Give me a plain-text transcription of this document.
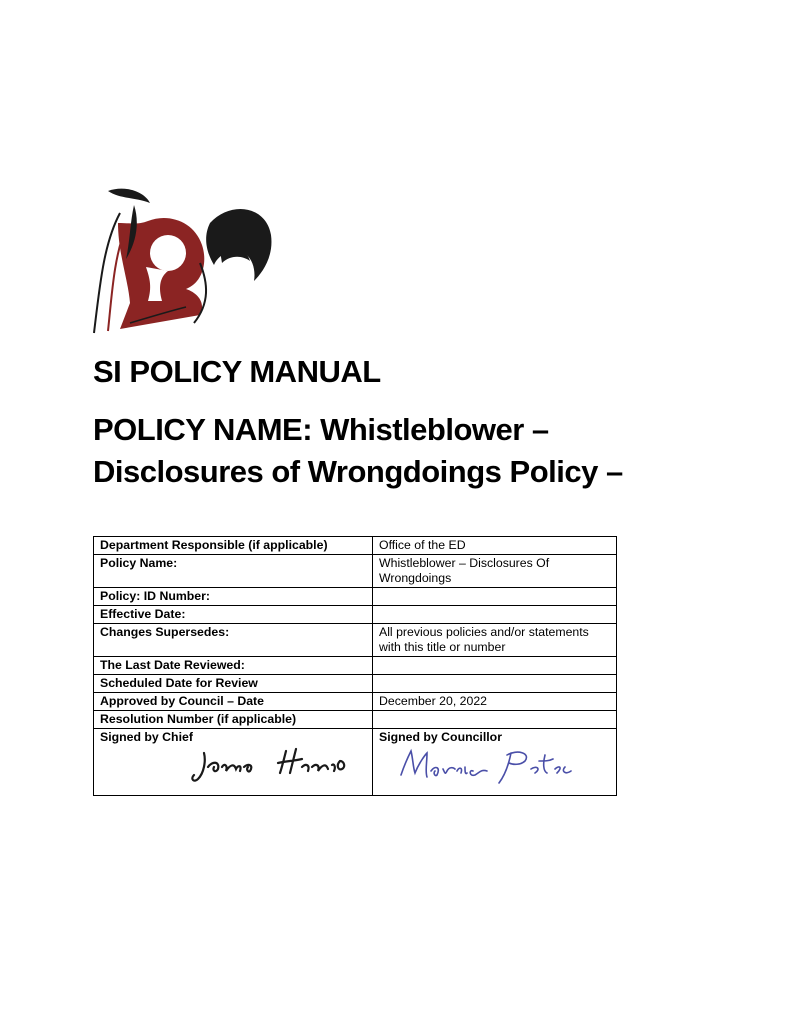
SI POLICY MANUAL
POLICY NAME: Whistleblower –
Disclosures of Wrongdoings Policy –
Department Responsible (if applicable)	Office of the ED
Policy Name:	Whistleblower – Disclosures Of Wrongdoings
Policy: ID Number:	
Effective Date:	
Changes Supersedes:	All previous policies and/or statements with this title or number
The Last Date Reviewed:	
Scheduled Date for Review	
Approved by Council – Date	December 20, 2022
Resolution Number (if applicable)	
Signed by Chief	Signed by Councillor
